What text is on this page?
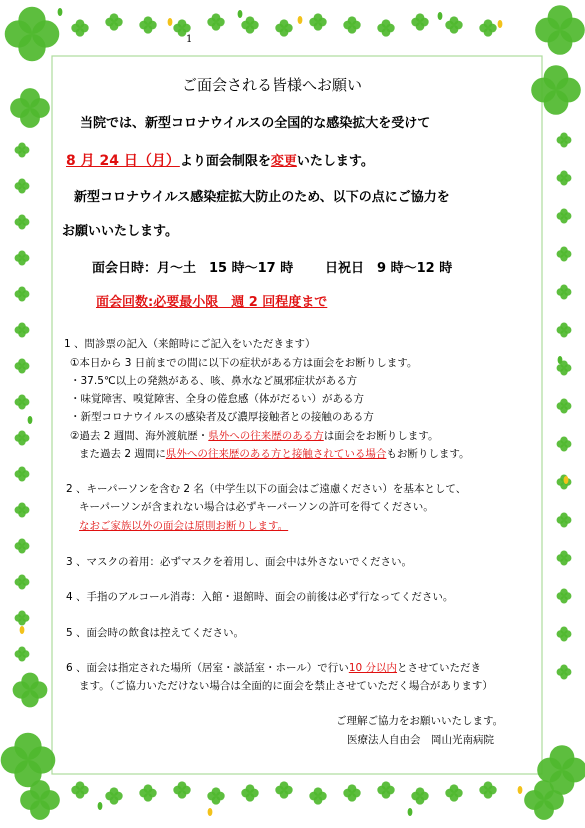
1
ご面会される皆様へお願い
当院では、新型コロナウイルスの全国的な感染拡大を受けて
8 月 24 日（月）より面会制限を変更いたします。
新型コロナウイルス感染症拡大防止のため、以下の点にご協力を
お願いいたします。
面会日時：月～土　15 時～17 時 日祝日　9 時～12 時
面会回数:必要最小限　週 2 回程度まで
1 、問診票の記入（来館時にご記入をいただきます）
①本日から 3 日前までの間に以下の症状がある方は面会をお断りします。
・37.5℃以上の発熱がある、咳、鼻水など風邪症状がある方
・味覚障害、嗅覚障害、全身の倦怠感（体がだるい）がある方
・新型コロナウイルスの感染者及び濃厚接触者との接触のある方
②過去 2 週間、海外渡航歴・県外への往来歴のある方は面会をお断りします。
また過去 2 週間に県外への往来歴のある方と接触されている場合もお断りします。
2 、キーパーソンを含む 2 名（中学生以下の面会はご遠慮ください）を基本として、
キーパーソンが含まれない場合は必ずキーパーソンの許可を得てください。
なおご家族以外の面会は原則お断りします。
3 、マスクの着用：必ずマスクを着用し、面会中は外さないでください。
4 、手指のアルコール消毒：入館・退館時、面会の前後は必ず行なってください。
5 、面会時の飲食は控えてください。
6 、面会は指定された場所（居室・談話室・ホール）で行い10 分以内とさせていただき
ます。（ご協力いただけない場合は全面的に面会を禁止させていただく場合があります）
ご理解ご協力をお願いいたします。
医療法人自由会　岡山光南病院
